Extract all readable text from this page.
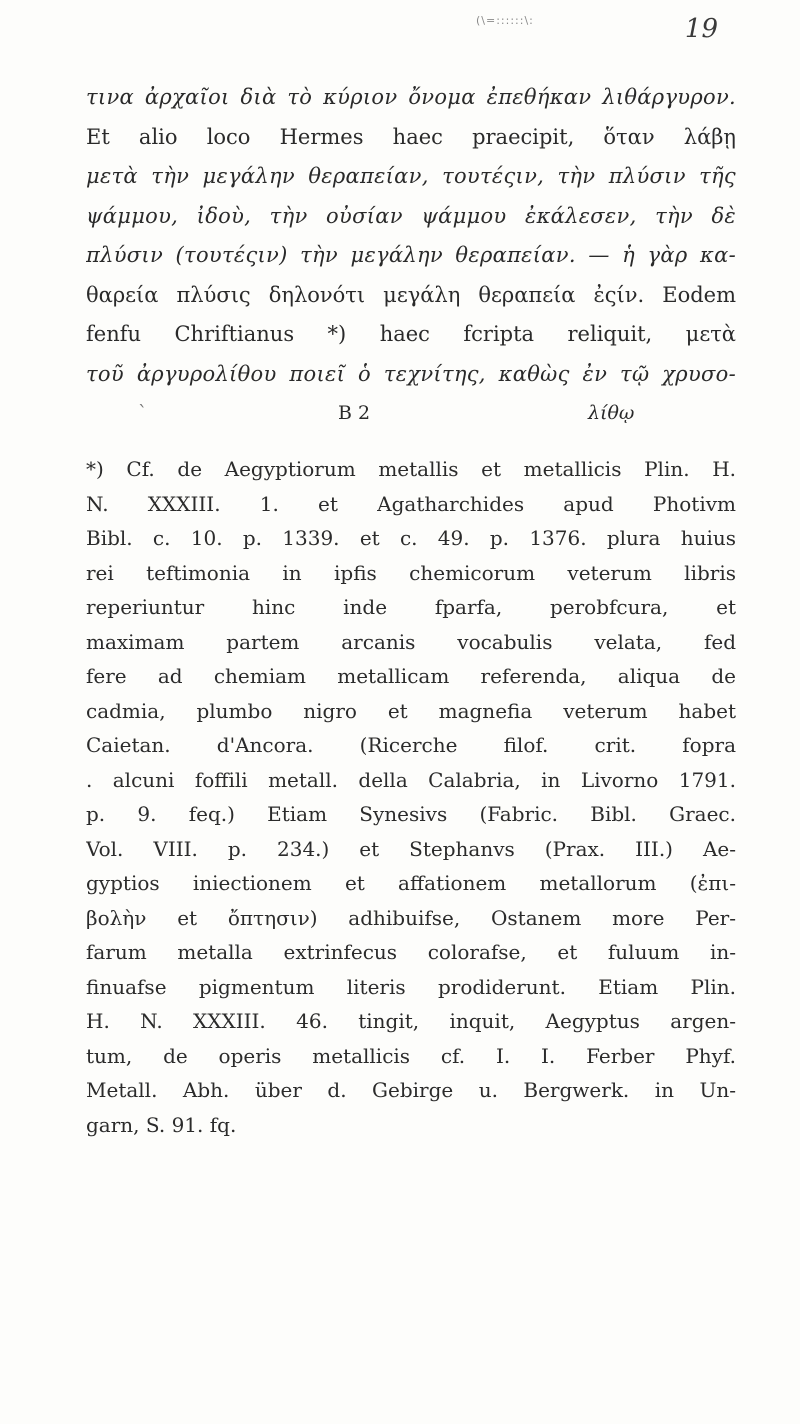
(\=::::::\:	19
τινα ἀρχαῖοι διὰ τὸ κύριον ὄνομα ἐπεθήκαν λιθάργυρον.
Et alio loco Hermes haec praecipit, ὅταν λάβῃ
μετὰ τὴν μεγάλην θεραπείαν, τουτέςιν, τὴν πλύσιν τῆς
ψάμμου, ἰδοὺ, τὴν οὐσίαν ψάμμου ἐκάλεσεν, τὴν δὲ
πλύσιν (τουτέςιν) τὴν μεγάλην θεραπείαν. — ἡ γὰρ κα-
θαρεία πλύσις δηλονότι μεγάλη θεραπεία ἐςίν. Eodem
fenfu Chriftianus *) haec fcripta reliquit, μετὰ
τοῦ ἀργυρολίθου ποιεῖ ὁ τεχνίτης, καθὼς ἐν τῷ χρυσο-
`	B 2	λίθῳ
*) Cf. de Aegyptiorum metallis et metallicis Plin. H.
N. XXXIII. 1. et Agatharchides apud Photivm
Bibl. c. 10. p. 1339. et c. 49. p. 1376. plura huius
rei teftimonia in ipfis chemicorum veterum libris
reperiuntur hinc inde fparfa, perobfcura, et
maximam partem arcanis vocabulis velata, fed
fere ad chemiam metallicam referenda, aliqua de
cadmia, plumbo nigro et magnefia veterum habet
Caietan. d'Ancora. (Ricerche filof. crit. fopra
. alcuni foffili metall. della Calabria, in Livorno 1791.
p. 9. feq.) Etiam Synesivs (Fabric. Bibl. Graec.
Vol. VIII. p. 234.) et Stephanvs (Prax. III.) Ae-
gyptios iniectionem et affationem metallorum (ἐπι-
βολὴν et ὄπτησιν) adhibuifse, Ostanem more Per-
farum metalla extrinfecus colorafse, et fuluum in-
finuafse pigmentum literis prodiderunt. Etiam Plin.
H. N. XXXIII. 46. tingit, inquit, Aegyptus argen-
tum, de operis metallicis cf. I. I. Ferber Phyf.
Metall. Abh. über d. Gebirge u. Bergwerk. in Un-
garn, S. 91. fq.
